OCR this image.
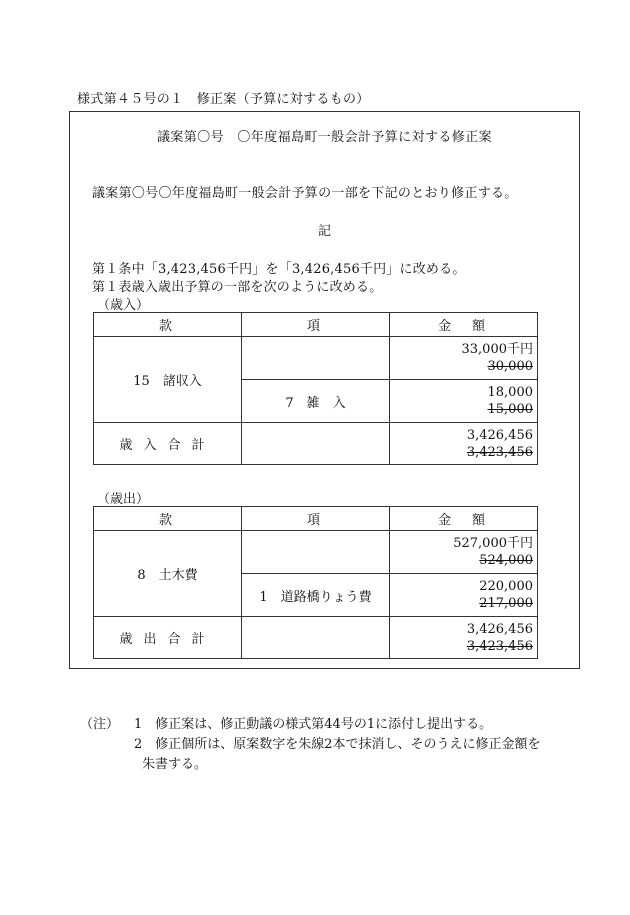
様式第４５号の１　修正案（予算に対するもの）
議案第〇号　〇年度福島町一般会計予算に対する修正案
議案第〇号〇年度福島町一般会計予算の一部を下記のとおり修正する。
記
第１条中「3,423,456千円」を「3,426,456千円」に改める。
第１表歳入歳出予算の一部を次のように改める。
（歳入）
款	項	金　額
15　諸収入		33,000千円
30,000

	7　雑　入	18,000
15,000

歳入合計		3,426,456
3,423,456
（歳出）
款	項	金　額
8　土木費		527,000千円
524,000

	1　道路橋りょう費	220,000
217,000

歳出合計		3,426,456
3,423,456
（注） 1　修正案は、修正動議の様式第44号の1に添付し提出する。
2　修正個所は、原案数字を朱線2本で抹消し、そのうえに修正金額を
朱書する。
